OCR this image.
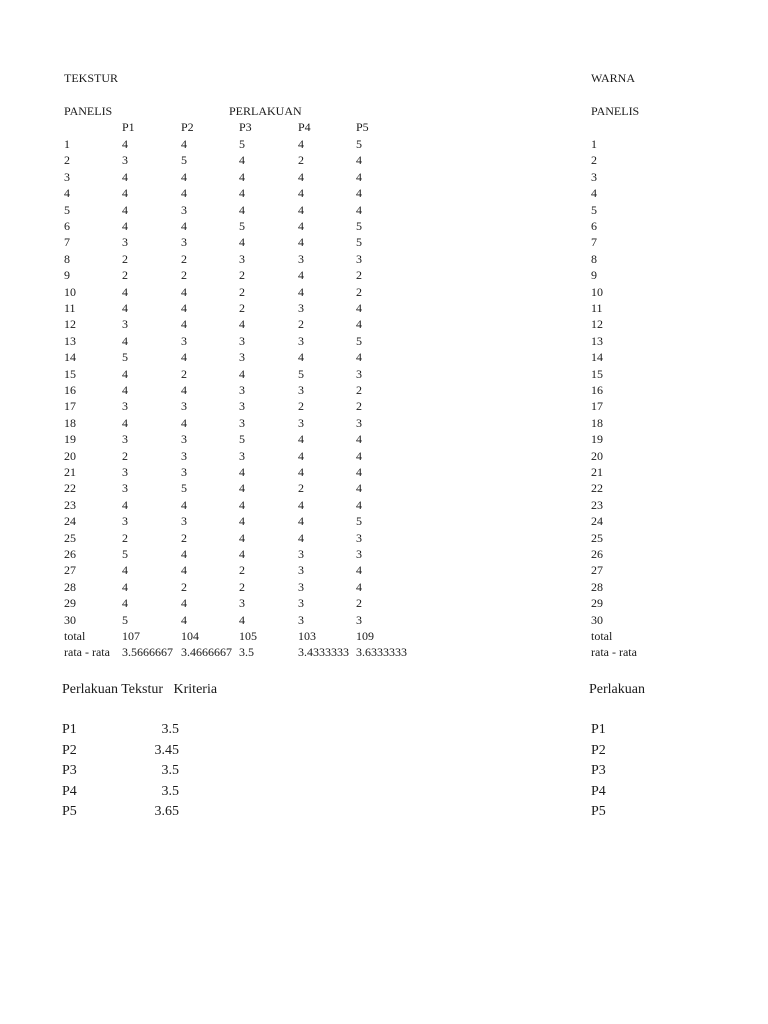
TEKSTUR
PANELIS	PERLAKUAN
P1	P2	P3	P4	P5
1	4	4	5	4	5
2	3	5	4	2	4
3	4	4	4	4	4
4	4	4	4	4	4
5	4	3	4	4	4
6	4	4	5	4	5
7	3	3	4	4	5
8	2	2	3	3	3
9	2	2	2	4	2
10	4	4	2	4	2
11	4	4	2	3	4
12	3	4	4	2	4
13	4	3	3	3	5
14	5	4	3	4	4
15	4	2	4	5	3
16	4	4	3	3	2
17	3	3	3	2	2
18	4	4	3	3	3
19	3	3	5	4	4
20	2	3	3	4	4
21	3	3	4	4	4
22	3	5	4	2	4
23	4	4	4	4	4
24	3	3	4	4	5
25	2	2	4	4	3
26	5	4	4	3	3
27	4	4	2	3	4
28	4	2	2	3	4
29	4	4	3	3	2
30	5	4	4	3	3
total	107	104	105	103	109
rata - rata 3.5666667 3.4666667 3.5	3.4333333 3.6333333
Perlakuan Tekstur   Kriteria
P1	3.5
P2	3.45
P3	3.5
P4	3.5
P5	3.65
WARNA
PANELIS
1
2
3
4
5
6
7
8
9
10
11
12
13
14
15
16
17
18
19
20
21
22
23
24
25
26
27
28
29
30
total
rata - rata
Perlakuan
P1
P2
P3
P4
P5
